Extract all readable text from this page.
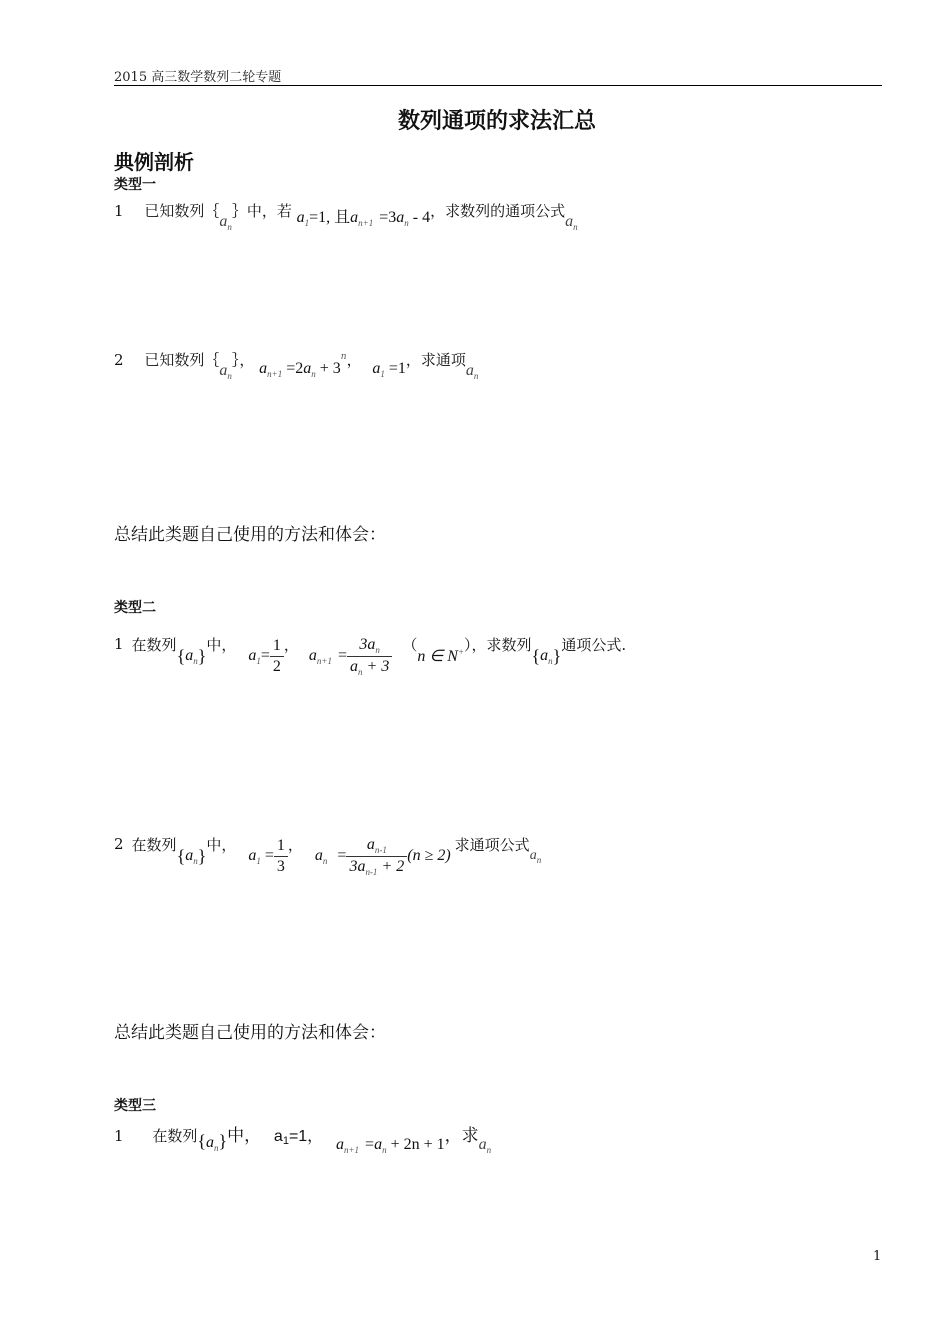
2015 高三数学数列二轮专题
数列通项的求法汇总
典例剖析
类型一
1 已知数列$\{a_n\}$中，若 $a_1=1$, 且$a_{n+1} =3a_n - 4$，求数列的通项公式$a_n$
2 已知数列$\{a_n\}$， $a_{n+1} =2a_n + 3^n$， $a_1 =1$，求通项$a_n$
总结此类题自己使用的方法和体会：
类型二
1 在数列
{ $a_n$ }
中，
$a_1 = \frac{1}{2}$ ，
$a_{n+1} = \frac{3a_n}{a_n + 3}$ （
n ∈ N+ ），求数列
{ $a_n$ }
通项公式.
2 在数列
{ $a_n$ }
中，
$a_1 = \frac{1}{3}$ ，
$a_n = \frac{a_{n-1}}{3a_{n-1} + 2} (n \ge 2)$
求通项公式
$a_n$
总结此类题自己使用的方法和体会：
类型三
1 在数列$\{a_n\}$中， a1=1， $a_{n+1} =a_n + 2n + 1$，求$a_n$
1
